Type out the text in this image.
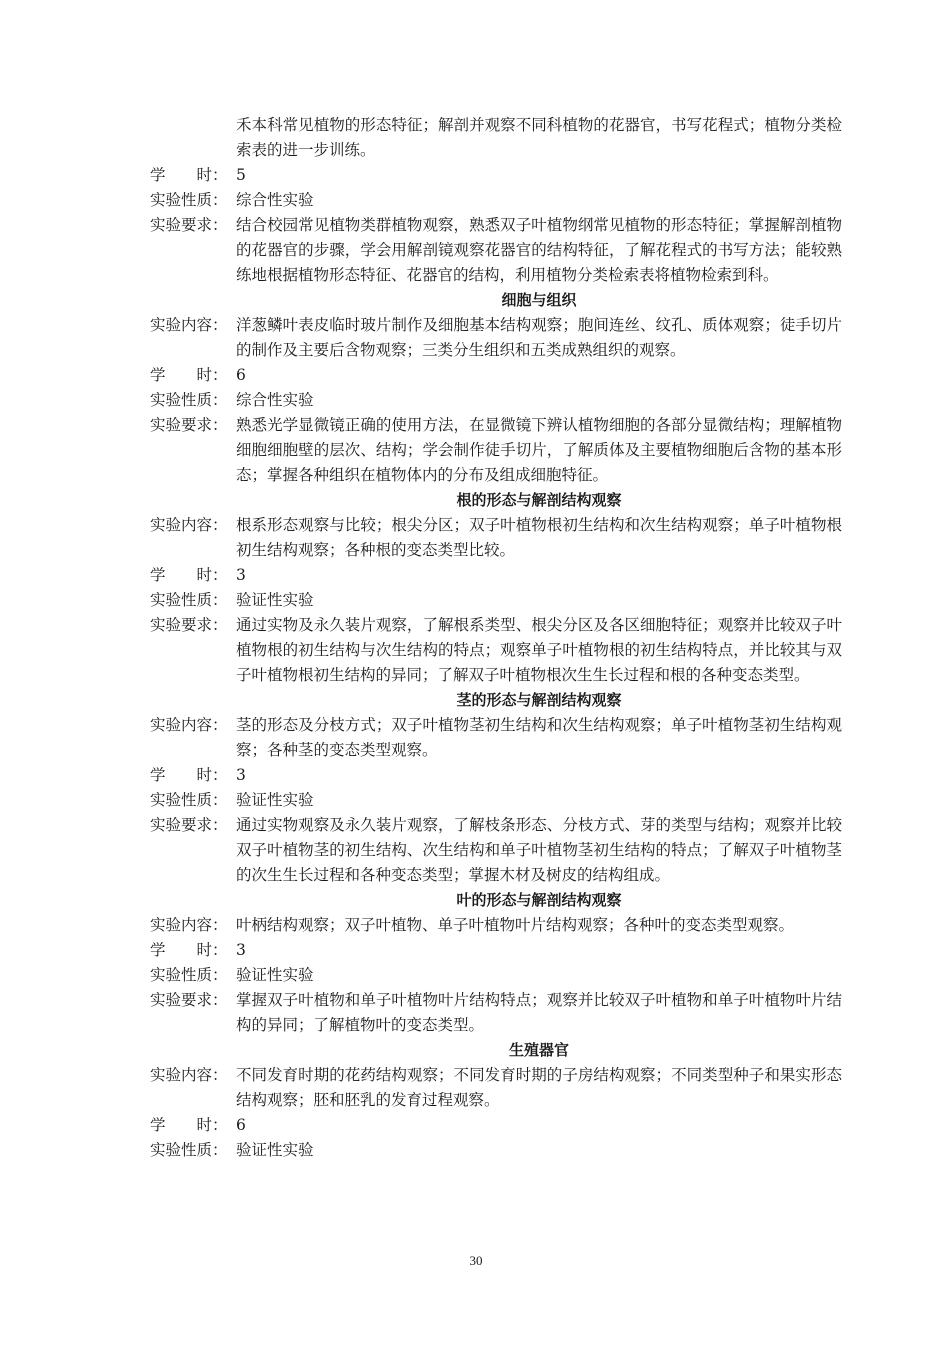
禾本科常见植物的形态特征；解剖并观察不同科植物的花器官，书写花程式；植物分类检索表的进一步训练。
学　　时： 5
实验性质： 综合性实验
实验要求： 结合校园常见植物类群植物观察，熟悉双子叶植物纲常见植物的形态特征；掌握解剖植物的花器官的步骤，学会用解剖镜观察花器官的结构特征，了解花程式的书写方法；能较熟练地根据植物形态特征、花器官的结构，利用植物分类检索表将植物检索到科。
细胞与组织
实验内容： 洋葱鳞叶表皮临时玻片制作及细胞基本结构观察；胞间连丝、纹孔、质体观察；徒手切片的制作及主要后含物观察；三类分生组织和五类成熟组织的观察。
学　　时： 6
实验性质： 综合性实验
实验要求： 熟悉光学显微镜正确的使用方法，在显微镜下辨认植物细胞的各部分显微结构；理解植物细胞细胞壁的层次、结构；学会制作徒手切片，了解质体及主要植物细胞后含物的基本形态；掌握各种组织在植物体内的分布及组成细胞特征。
根的形态与解剖结构观察
实验内容： 根系形态观察与比较；根尖分区；双子叶植物根初生结构和次生结构观察；单子叶植物根初生结构观察；各种根的变态类型比较。
学　　时： 3
实验性质： 验证性实验
实验要求： 通过实物及永久装片观察，了解根系类型、根尖分区及各区细胞特征；观察并比较双子叶植物根的初生结构与次生结构的特点；观察单子叶植物根的初生结构特点，并比较其与双子叶植物根初生结构的异同；了解双子叶植物根次生生长过程和根的各种变态类型。
茎的形态与解剖结构观察
实验内容： 茎的形态及分枝方式；双子叶植物茎初生结构和次生结构观察；单子叶植物茎初生结构观察；各种茎的变态类型观察。
学　　时： 3
实验性质： 验证性实验
实验要求： 通过实物观察及永久装片观察，了解枝条形态、分枝方式、芽的类型与结构；观察并比较双子叶植物茎的初生结构、次生结构和单子叶植物茎初生结构的特点；了解双子叶植物茎的次生生长过程和各种变态类型；掌握木材及树皮的结构组成。
叶的形态与解剖结构观察
实验内容： 叶柄结构观察；双子叶植物、单子叶植物叶片结构观察；各种叶的变态类型观察。
学　　时： 3
实验性质： 验证性实验
实验要求： 掌握双子叶植物和单子叶植物叶片结构特点；观察并比较双子叶植物和单子叶植物叶片结构的异同；了解植物叶的变态类型。
生殖器官
实验内容： 不同发育时期的花药结构观察；不同发育时期的子房结构观察；不同类型种子和果实形态结构观察；胚和胚乳的发育过程观察。
学　　时： 6
实验性质： 验证性实验
30
